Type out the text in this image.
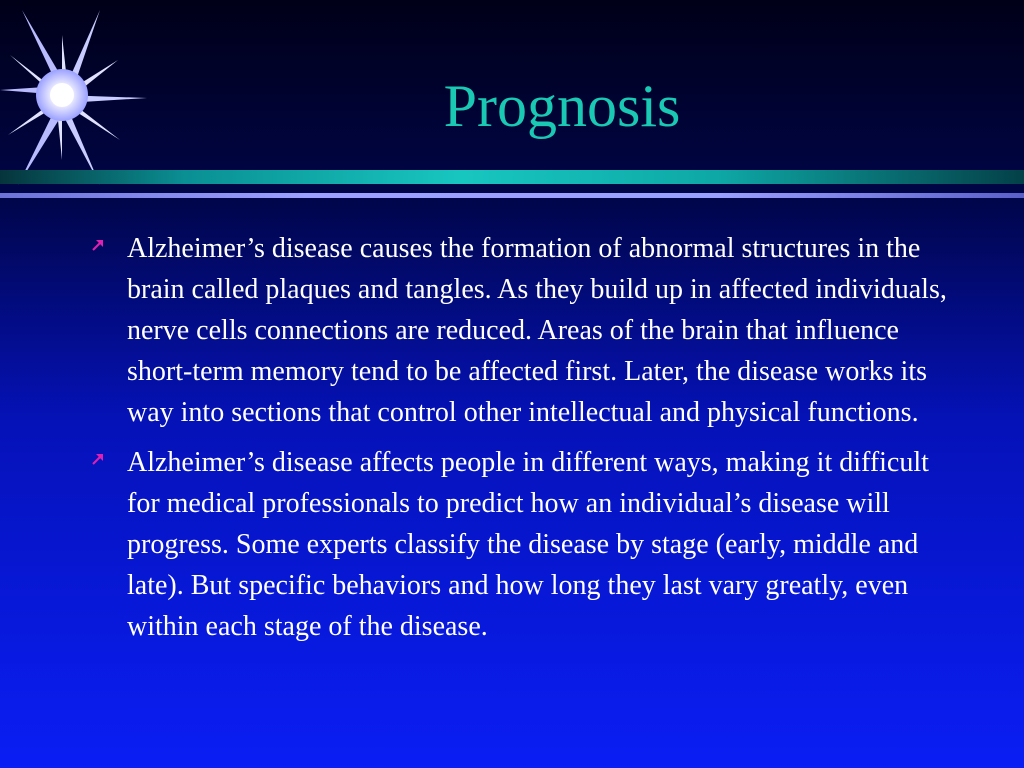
Prognosis
Alzheimer’s disease causes the formation of abnormal structures in the brain called plaques and tangles. As they build up in affected individuals, nerve cells connections are reduced. Areas of the brain that influence short-term memory tend to be affected first. Later, the disease works its way into sections that control other intellectual and physical functions.
Alzheimer’s disease affects people in different ways, making it difficult for medical professionals to predict how an individual’s disease will progress. Some experts classify the disease by stage (early, middle and late). But specific behaviors and how long they last vary greatly, even within each stage of the disease.
